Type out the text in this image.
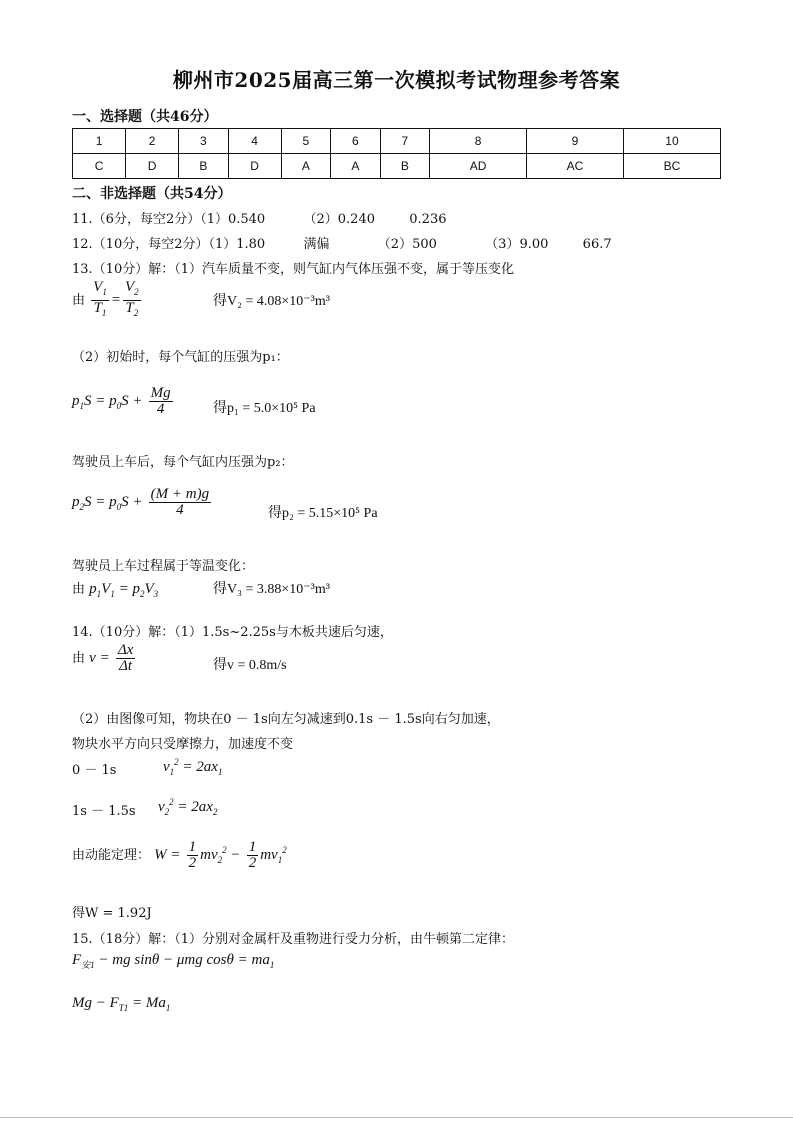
柳州市2025届高三第一次模拟考试物理参考答案
一、选择题（共46分）
1	2	3	4	5	6	7	8	9	10
C	D	B	D	A	A	B	AD	AC	BC
二、非选择题（共54分）
11.（6分，每空2分）（1）0.540	（2）0.240	0.236
12.（10分，每空2分）（1）1.80	满偏	（2）500	（3）9.00	66.7
13.（10分）解：（1）汽车质量不变，则气缸内气体压强不变，属于等压变化
由 $\frac{V_1}{T_1} = \frac{V_2}{T_2}$	得V₂ = 4.08×10⁻³m³
（2）初始时，每个气缸的压强为p₁：
$p_1S = p_0S + \frac{Mg}{4}$	得p₁ = 5.0×10⁵ Pa
驾驶员上车后，每个气缸内压强为p₂：
$p_2S = p_0S + \frac{(M + m)g}{4}$	得p₂ = 5.15×10⁵ Pa
驾驶员上车过程属于等温变化：
由 $p_1V_1 = p_2V_3$	得V₃ = 3.88×10⁻³m³
14.（10分）解：（1）1.5s~2.25s与木板共速后匀速，
由 $v = \frac{\Delta x}{\Delta t}$	得v = 0.8m/s
（2）由图像可知，物块在0 － 1s向左匀减速到0.1s － 1.5s向右匀加速，
物块水平方向只受摩擦力，加速度不变
0 － 1s	$v_1^2 = 2ax_1$
1s － 1.5s $v_2^2 = 2ax_2$
由动能定理： $W = \frac{1}{2} mv_2^2 - \frac{1}{2} mv_1^2$
得W = 1.92J
15.（18分）解：（1）分别对金属杆及重物进行受力分析，由牛顿第二定律：
$F_{安1}$ − mg sinθ − μmg $\cos\theta = ma_1$
$Mg - F_{T1} = Ma_1$
